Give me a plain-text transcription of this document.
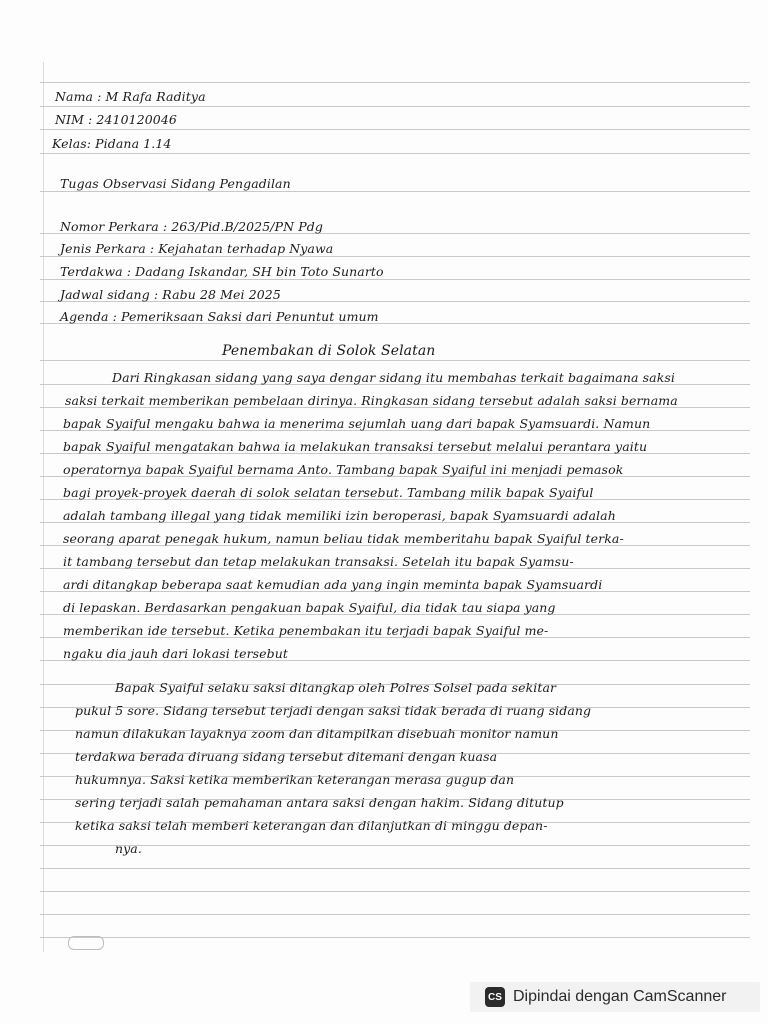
Nama : M Rafa Raditya
NIM : 2410120046
Kelas: Pidana 1.14
Tugas Observasi Sidang Pengadilan
Nomor Perkara : 263/Pid.B/2025/PN Pdg
Jenis Perkara : Kejahatan terhadap Nyawa
Terdakwa : Dadang Iskandar, SH bin Toto Sunarto
Jadwal sidang : Rabu 28 Mei 2025
Agenda : Pemeriksaan Saksi dari Penuntut umum
Penembakan di Solok Selatan
Dari Ringkasan sidang yang saya dengar sidang itu membahas terkait bagaimana saksi
saksi terkait memberikan pembelaan dirinya. Ringkasan sidang tersebut adalah saksi bernama
bapak Syaiful mengaku bahwa ia menerima sejumlah uang dari bapak Syamsuardi. Namun
bapak Syaiful mengatakan bahwa ia melakukan transaksi tersebut melalui perantara yaitu
operatornya bapak Syaiful bernama Anto. Tambang bapak Syaiful ini menjadi pemasok
bagi proyek-proyek daerah di solok selatan tersebut. Tambang milik bapak Syaiful
adalah tambang illegal yang tidak memiliki izin beroperasi, bapak Syamsuardi adalah
seorang aparat penegak hukum, namun beliau tidak memberitahu bapak Syaiful terka-
it tambang tersebut dan tetap melakukan transaksi. Setelah itu bapak Syamsu-
ardi ditangkap beberapa saat kemudian ada yang ingin meminta bapak Syamsuardi
di lepaskan. Berdasarkan pengakuan bapak Syaiful, dia tidak tau siapa yang
memberikan ide tersebut. Ketika penembakan itu terjadi bapak Syaiful me-
ngaku dia jauh dari lokasi tersebut
Bapak Syaiful selaku saksi ditangkap oleh Polres Solsel pada sekitar
pukul 5 sore. Sidang tersebut terjadi dengan saksi tidak berada di ruang sidang
namun dilakukan layaknya zoom dan ditampilkan disebuah monitor namun
terdakwa berada diruang sidang tersebut ditemani dengan kuasa
hukumnya. Saksi ketika memberikan keterangan merasa gugup dan
sering terjadi salah pemahaman antara saksi dengan hakim. Sidang ditutup
ketika saksi telah memberi keterangan dan dilanjutkan di minggu depan-
nya.
CS Dipindai dengan CamScanner
